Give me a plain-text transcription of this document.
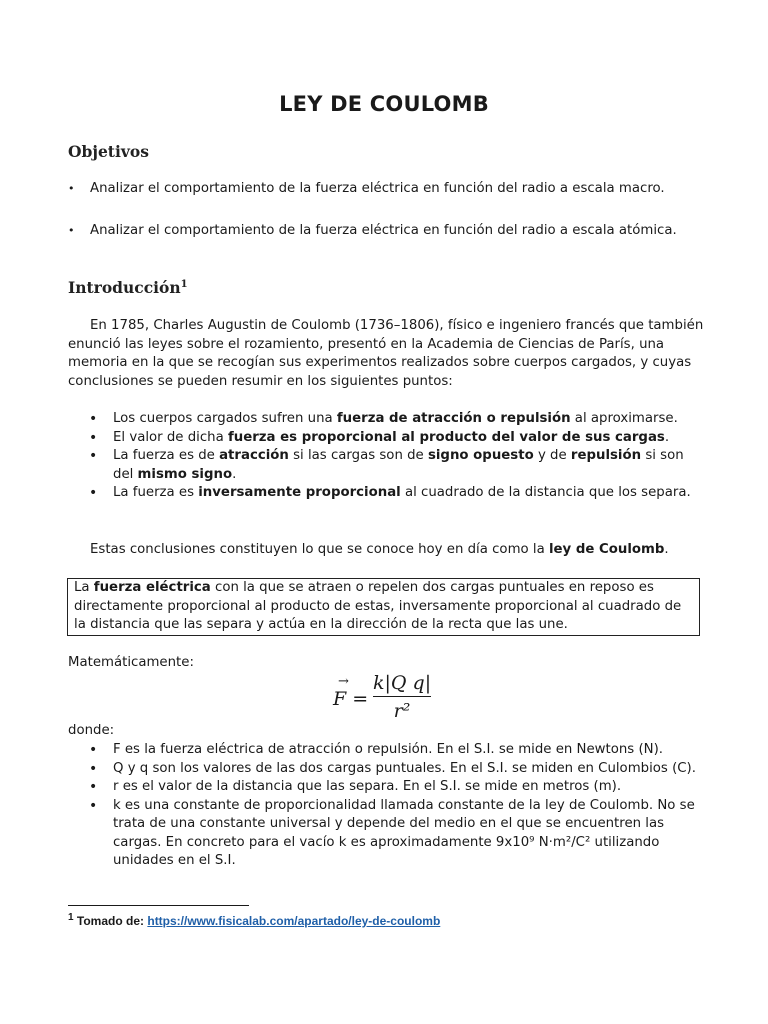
LEY DE COULOMB
Objetivos
• Analizar el comportamiento de la fuerza eléctrica en función del radio a escala macro.
• Analizar el comportamiento de la fuerza eléctrica en función del radio a escala atómica.
Introducción$^1$
En 1785, Charles Augustin de Coulomb (1736–1806), físico e ingeniero francés que también enunció las leyes sobre el rozamiento, presentó en la Academia de Ciencias de París, una memoria en la que se recogían sus experimentos realizados sobre cuerpos cargados, y cuyas conclusiones se pueden resumir en los siguientes puntos:
• Los cuerpos cargados sufren una fuerza de atracción o repulsión al aproximarse.
• El valor de dicha fuerza es proporcional al producto del valor de sus cargas.
• La fuerza es de atracción si las cargas son de signo opuesto y de repulsión si son del mismo signo.
• La fuerza es inversamente proporcional al cuadrado de la distancia que los separa.
Estas conclusiones constituyen lo que se conoce hoy en día como la ley de Coulomb.
La fuerza eléctrica con la que se atraen o repelen dos cargas puntuales en reposo es directamente proporcional al producto de estas, inversamente proporcional al cuadrado de la distancia que las separa y actúa en la dirección de la recta que las une.
Matemáticamente:
→
F =
k|Q q|
r²
donde:
• F es la fuerza eléctrica de atracción o repulsión. En el S.I. se mide en Newtons (N).
• Q y q son los valores de las dos cargas puntuales. En el S.I. se miden en Culombios (C).
• r es el valor de la distancia que las separa. En el S.I. se mide en metros (m).
• k es una constante de proporcionalidad llamada constante de la ley de Coulomb. No se trata de una constante universal y depende del medio en el que se encuentren las cargas. En concreto para el vacío k es aproximadamente 9x10⁹ N·m²/C² utilizando unidades en el S.I.
$^1$ Tomado de: https://www.fisicalab.com/apartado/ley-de-coulomb
